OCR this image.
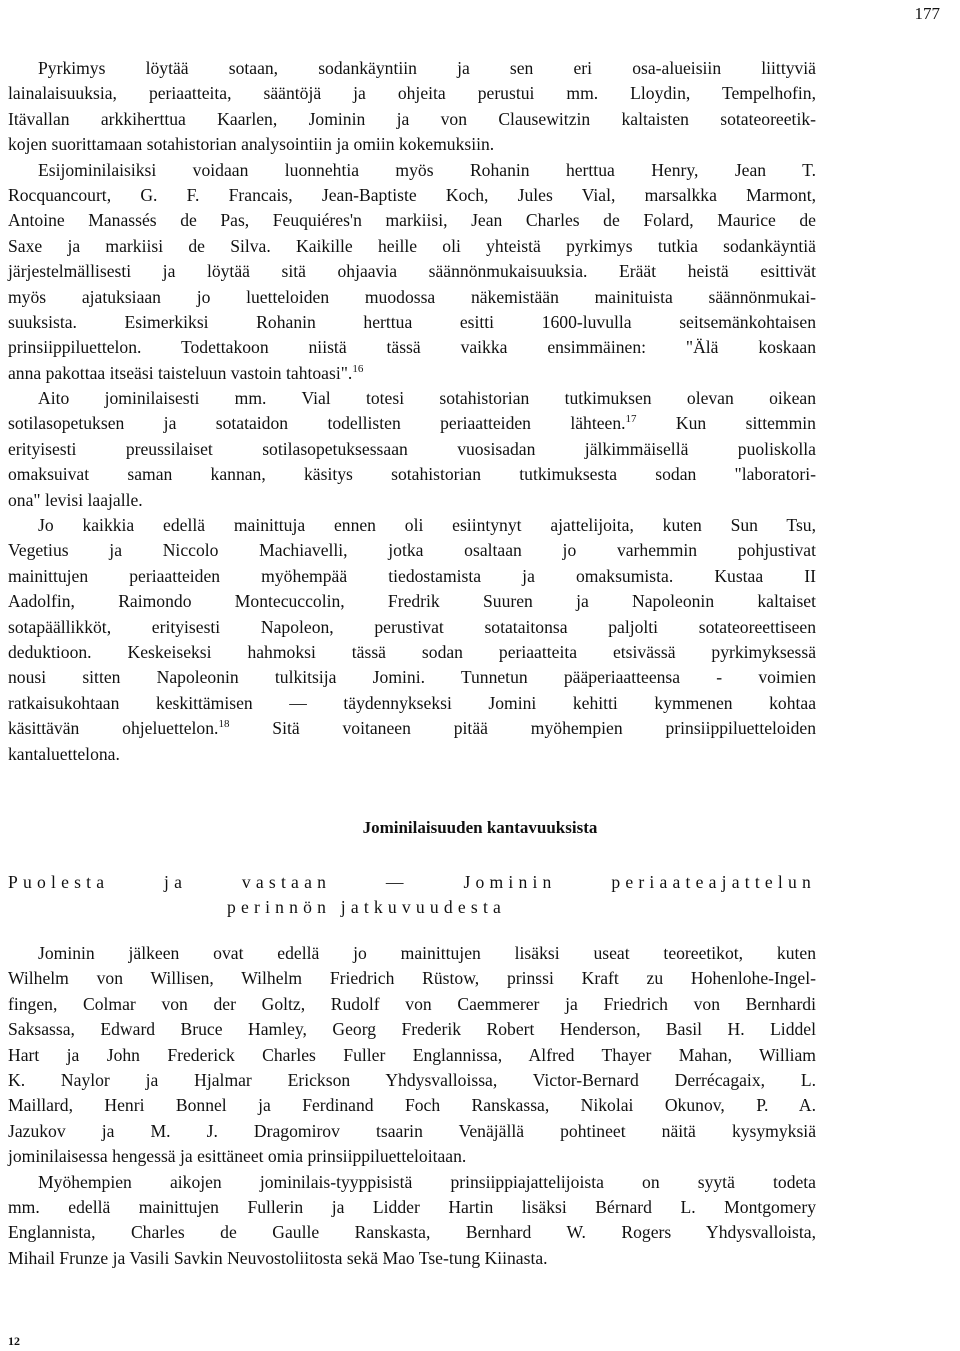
177
Pyrkimys löytää sotaan, sodankäyntiin ja sen eri osa-alueisiin liittyviä
lainalaisuuksia, periaatteita, sääntöjä ja ohjeita perustui mm. Lloydin, Tempelhofin,
Itävallan arkkiherttua Kaarlen, Jominin ja von Clausewitzin kaltaisten sotateoreetik-
kojen suorittamaan sotahistorian analysointiin ja omiin kokemuksiin.
Esijominilaisiksi voidaan luonnehtia myös Rohanin herttua Henry, Jean T.
Rocquancourt, G. F. Francais, Jean-Baptiste Koch, Jules Vial, marsalkka Marmont,
Antoine Manassés de Pas, Feuquiéres'n markiisi, Jean Charles de Folard, Maurice de
Saxe ja markiisi de Silva. Kaikille heille oli yhteistä pyrkimys tutkia sodankäyntiä
järjestelmällisesti ja löytää sitä ohjaavia säännönmukaisuuksia. Eräät heistä esittivät
myös ajatuksiaan jo luetteloiden muodossa näkemistään mainituista säännönmukai-
suuksista. Esimerkiksi Rohanin herttua esitti 1600-luvulla seitsemänkohtaisen
prinsiippiluettelon. Todettakoon niistä tässä vaikka ensimmäinen: "Älä koskaan
anna pakottaa itseäsi taisteluun vastoin tahtoasi".$^{16}$
Aito jominilaisesti mm. Vial totesi sotahistorian tutkimuksen olevan oikean
sotilasopetuksen ja sotataidon todellisten periaatteiden lähteen.$^{17}$ Kun sittemmin
erityisesti preussilaiset sotilasopetuksessaan vuosisadan jälkimmäisellä puoliskolla
omaksuivat saman kannan, käsitys sotahistorian tutkimuksesta sodan "laboratori-
ona" levisi laajalle.
Jo kaikkia edellä mainittuja ennen oli esiintynyt ajattelijoita, kuten Sun Tsu,
Vegetius ja Niccolo Machiavelli, jotka osaltaan jo varhemmin pohjustivat
mainittujen periaatteiden myöhempää tiedostamista ja omaksumista. Kustaa II
Aadolfin, Raimondo Montecuccolin, Fredrik Suuren ja Napoleonin kaltaiset
sotapäällikköt, erityisesti Napoleon, perustivat sotataitonsa paljolti sotateoreettiseen
deduktioon. Keskeiseksi hahmoksi tässä sodan periaatteita etsivässä pyrkimyksessä
nousi sitten Napoleonin tulkitsija Jomini. Tunnetun pääperiaatteensa - voimien
ratkaisukohtaan keskittämisen — täydennykseksi Jomini kehitti kymmenen kohtaa
käsittävän ohjeluettelon.$^{18}$ Sitä voitaneen pitää myöhempien prinsiippiluetteloiden
kantaluettelona.
Jominilaisuuden kantavuuksista
Puolesta ja vastaan — Jominin periaateajattelun
perinnön jatkuvuudesta
Jominin jälkeen ovat edellä jo mainittujen lisäksi useat teoreetikot, kuten
Wilhelm von Willisen, Wilhelm Friedrich Rüstow, prinssi Kraft zu Hohenlohe-Ingel-
fingen, Colmar von der Goltz, Rudolf von Caemmerer ja Friedrich von Bernhardi
Saksassa, Edward Bruce Hamley, Georg Frederik Robert Henderson, Basil H. Liddel
Hart ja John Frederick Charles Fuller Englannissa, Alfred Thayer Mahan, William
K. Naylor ja Hjalmar Erickson Yhdysvalloissa, Victor-Bernard Derrécagaix, L.
Maillard, Henri Bonnel ja Ferdinand Foch Ranskassa, Nikolai Okunov, P. A.
Jazukov ja M. J. Dragomirov tsaarin Venäjällä pohtineet näitä kysymyksiä
jominilaisessa hengessä ja esittäneet omia prinsiippiluetteloitaan.
Myöhempien aikojen jominilais-tyyppisistä prinsiippiajattelijoista on syytä todeta
mm. edellä mainittujen Fullerin ja Lidder Hartin lisäksi Bérnard L. Montgomery
Englannista, Charles de Gaulle Ranskasta, Bernhard W. Rogers Yhdysvalloista,
Mihail Frunze ja Vasili Savkin Neuvostoliitosta sekä Mao Tse-tung Kiinasta.
12
